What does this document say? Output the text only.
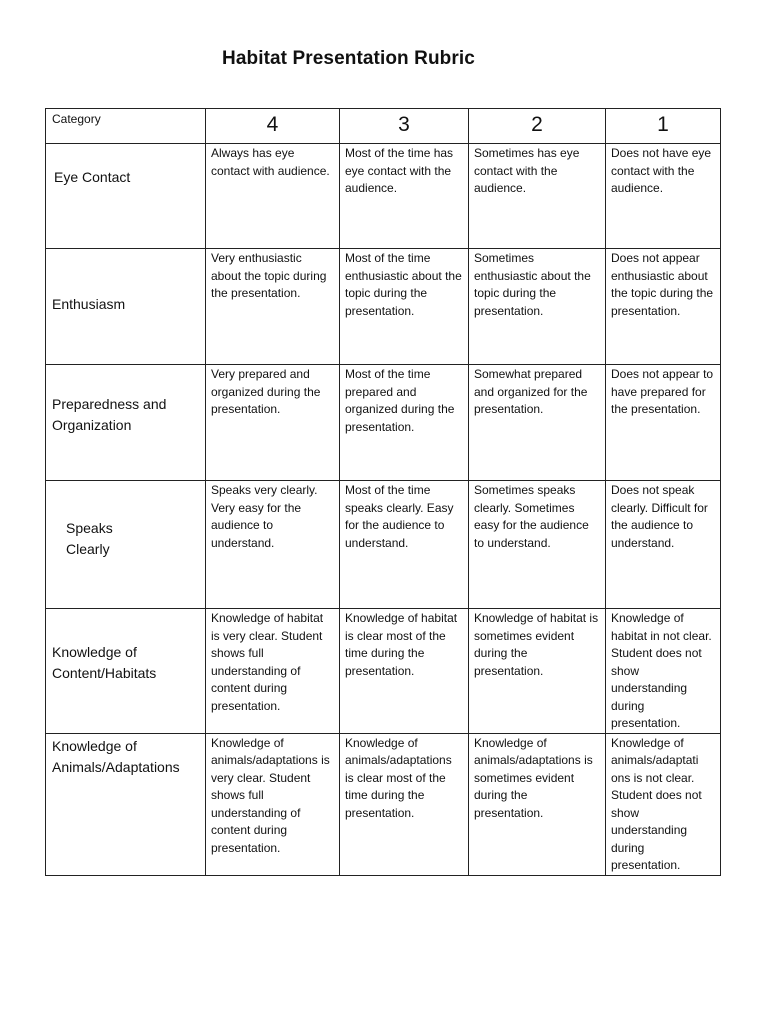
Habitat Presentation Rubric
Category	4	3	2	1

Eye Contact	Always has eye contact with audience.	Most of the time has eye contact with the audience.	Sometimes has eye contact with the audience.	Does not have eye contact with the audience.

Enthusiasm	Very enthusiastic about the topic during the presentation.	Most of the time enthusiastic about the topic during the presentation.	Sometimes enthusiastic about the topic during the presentation.	Does not appear enthusiastic about the topic during the presentation.

Preparedness and Organization	Very prepared and organized during the presentation.	Most of the time prepared and organized during the presentation.	Somewhat prepared and organized for the presentation.	Does not appear to have prepared for the presentation.

Speaks Clearly	Speaks very clearly. Very easy for the audience to understand.	Most of the time speaks clearly. Easy for the audience to understand.	Sometimes speaks clearly. Sometimes easy for the audience to understand.	Does not speak clearly. Difficult for the audience to understand.

Knowledge of Content/Habitats	Knowledge of habitat is very clear. Student shows full understanding of content during presentation.	Knowledge of habitat is clear most of the time during the presentation.	Knowledge of habitat is sometimes evident during the presentation.	Knowledge of habitat in not clear. Student does not show understanding during presentation.

Knowledge of Animals/Adaptations	Knowledge of animals/adaptations is very clear. Student shows full understanding of content during presentation.	Knowledge of animals/adaptations is clear most of the time during the presentation.	Knowledge of animals/adaptations is sometimes evident during the presentation.	Knowledge of animals/adaptati ons is not clear. Student does not show understanding during presentation.
